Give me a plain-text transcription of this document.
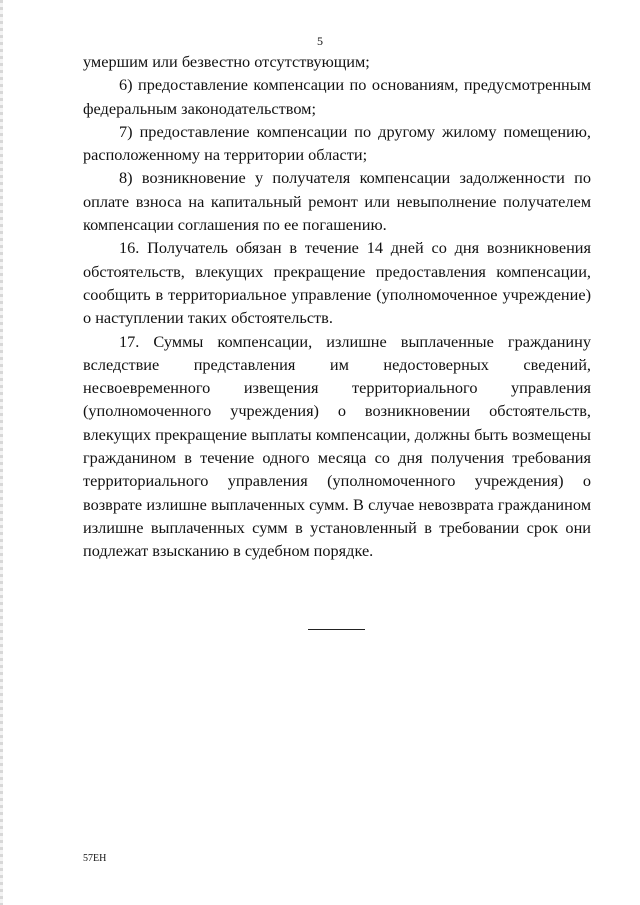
5

умершим или безвестно отсутствующим;

6) предоставление компенсации по основаниям, предусмотренным федеральным законодательством;

7) предоставление компенсации по другому жилому помещению, расположенному на территории области;

8) возникновение у получателя компенсации задолженности по оплате взноса на капитальный ремонт или невыполнение получателем компенсации соглашения по ее погашению.

16. Получатель обязан в течение 14 дней со дня возникновения обстоятельств, влекущих прекращение предоставления компенсации, сообщить в территориальное управление (уполномоченное учреждение) о наступлении таких обстоятельств.

17. Суммы компенсации, излишне выплаченные гражданину вследствие представления им недостоверных сведений, несвоевременного извещения территориального управления (уполномоченного учреждения) о возникновении обстоятельств, влекущих прекращение выплаты компенсации, должны быть возмещены гражданином в течение одного месяца со дня получения требования территориального управления (уполномоченного учреждения) о возврате излишне выплаченных сумм. В случае невозврата гражданином излишне выплаченных сумм в установленный в требовании срок они подлежат взысканию в судебном порядке.

57EH
